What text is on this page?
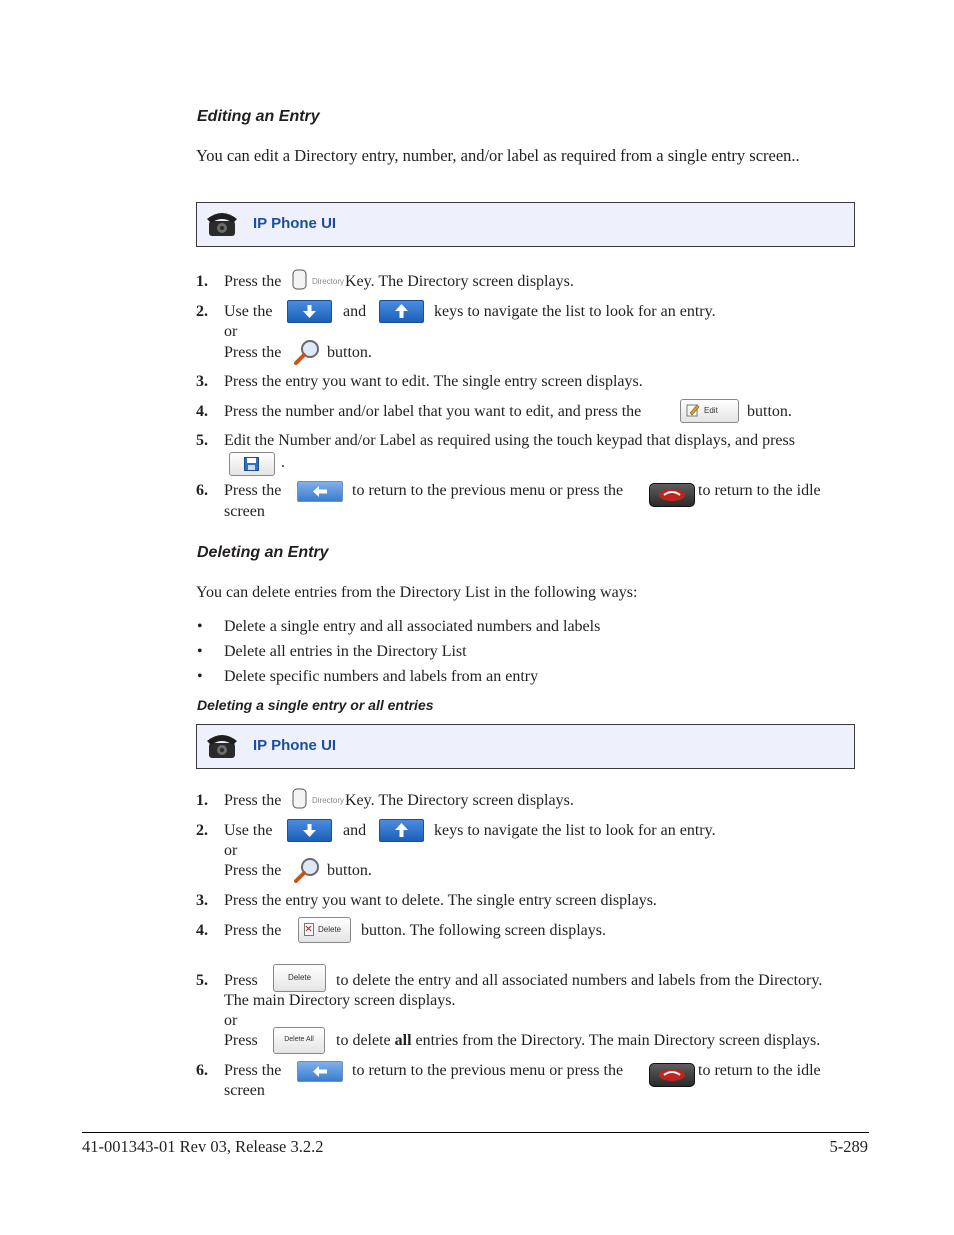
Editing an Entry
You can edit a Directory entry, number, and/or label as required from a single entry screen..
IP Phone UI
1. Press the	Directory Key. The Directory screen displays.
2. Use the	and	keys to navigate the list to look for an entry.
or
Press the	button.
3. Press the entry you want to edit. The single entry screen displays.
4. Press the number and/or label that you want to edit, and press the	Edit button.
5. Edit the Number and/or Label as required using the touch keypad that displays, and press
.
6. Press the	to return to the previous menu or press the	to return to the idle
screen
Deleting an Entry
You can delete entries from the Directory List in the following ways:
• Delete a single entry and all associated numbers and labels
• Delete all entries in the Directory List
• Delete specific numbers and labels from an entry
Deleting a single entry or all entries
IP Phone UI
1. Press the	Directory Key. The Directory screen displays.
2. Use the	and	keys to navigate the list to look for an entry.
or
Press the	button.
3. Press the entry you want to delete. The single entry screen displays.
4. Press the	Delete button. The following screen displays.
5. Press	Delete	to delete the entry and all associated numbers and labels from the Directory.
The main Directory screen displays.
or
Press	Delete All	to delete all entries from the Directory. The main Directory screen displays.
6. Press the	to return to the previous menu or press the	to return to the idle
screen
41-001343-01 Rev 03, Release 3.2.2	5-289
